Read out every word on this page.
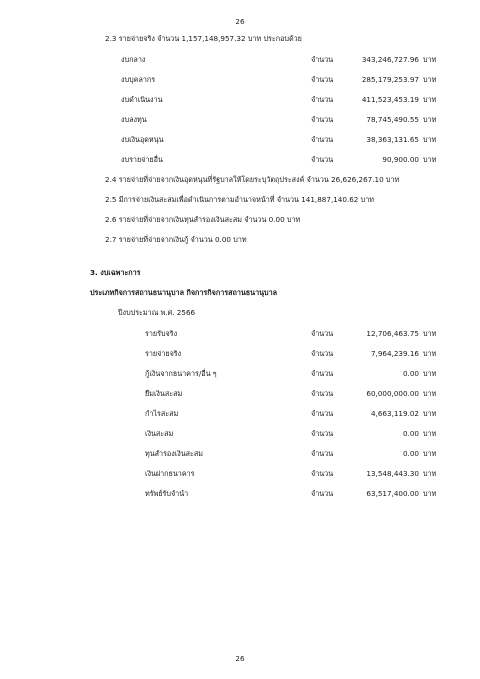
26
2.3 รายจ่ายจริง จำนวน 1,157,148,957.32 บาท ประกอบด้วย
งบกลาง	จำนวน	343,246,727.96 บาท
งบบุคลากร	จำนวน	285,179,253.97 บาท
งบดำเนินงาน	จำนวน	411,523,453.19 บาท
งบลงทุน	จำนวน	78,745,490.55 บาท
งบเงินอุดหนุน	จำนวน	38,363,131.65 บาท
งบรายจ่ายอื่น	จำนวน	90,900.00 บาท
2.4 รายจ่ายที่จ่ายจากเงินอุดหนุนที่รัฐบาลให้โดยระบุวัตถุประสงค์ จำนวน 26,626,267.10 บาท
2.5 มีการจ่ายเงินสะสมเพื่อดำเนินการตามอำนาจหน้าที่ จำนวน 141,887,140.62 บาท
2.6 รายจ่ายที่จ่ายจากเงินทุนสำรองเงินสะสม จำนวน 0.00 บาท
2.7 รายจ่ายที่จ่ายจากเงินกู้ จำนวน 0.00 บาท
3. งบเฉพาะการ
ประเภทกิจการสถานธนานุบาล กิจการกิจการสถานธนานุบาล
ปีงบประมาณ พ.ศ. 2566
รายรับจริง	จำนวน	12,706,463.75 บาท
รายจ่ายจริง	จำนวน	7,964,239.16 บาท
กู้เงินจากธนาคาร/อื่น ๆ	จำนวน	0.00 บาท
ยืมเงินสะสม	จำนวน	60,000,000.00 บาท
กำไรสะสม	จำนวน	4,663,119.02 บาท
เงินสะสม	จำนวน	0.00 บาท
ทุนสำรองเงินสะสม	จำนวน	0.00 บาท
เงินฝากธนาคาร	จำนวน	13,548,443.30 บาท
ทรัพย์รับจำนำ	จำนวน	63,517,400.00 บาท
26
